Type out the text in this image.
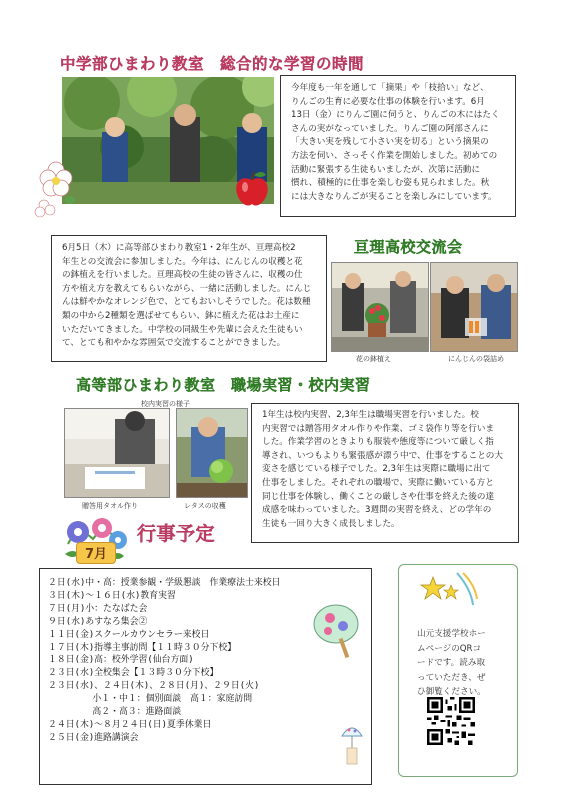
中学部ひまわり教室　総合的な学習の時間
今年度も一年を通して「摘果」や「枝拾い」など、
りんごの生育に必要な仕事の体験を行います。6月
13日（金）にりんご園に伺うと、りんごの木にはたく
さんの実がなっていました。りんご園の阿部さんに
「大きい実を残して小さい実を切る」という摘果の
方法を伺い、さっそく作業を開始しました。初めての
活動に緊張する生徒もいましたが、次第に活動に
慣れ、積極的に仕事を楽しむ姿も見られました。秋
には大きなりんごが実ることを楽しみにしています。
6月5日（木）に高等部ひまわり教室1・2年生が、亘理高校2
年生との交流会に参加しました。今年は、にんじんの収穫と花
の鉢植えを行いました。亘理高校の生徒の皆さんに、収穫の仕
方や植え方を教えてもらいながら、一緒に活動しました。にんじ
んは鮮やかなオレンジ色で、とてもおいしそうでした。花は数種
類の中から2種類を選ばせてもらい、鉢に植えた花はお土産に
いただいてきました。中学校の同級生や先輩に会えた生徒もい
て、とても和やかな雰囲気で交流することができました。
亘理高校交流会
花の鉢植え	にんじんの袋詰め
高等部ひまわり教室　職場実習・校内実習
校内実習の様子
贈答用タオル作り	レタスの収穫
1年生は校内実習、2,3年生は職場実習を行いました。校
内実習では贈答用タオル作りや作業、ゴミ袋作り等を行いま
した。作業学習のときよりも服装や態度等について厳しく指
導され、いつもよりも緊張感が漂う中で、仕事をすることの大
変さを感じている様子でした。2,3年生は実際に職場に出て
仕事をしました。それぞれの職場で、実際に働いている方と
同じ仕事を体験し、働くことの厳しさや仕事を終えた後の達
成感を味わっていました。3週間の実習を終え、どの学年の
生徒も一回り大きく成長しました。
7月
行事予定
２日(水)中・高：授業参観・学級懇談　作業療法士来校日
３日(木)～１６日(水)教育実習
７日(月)小：たなばた会
９日(水)あすなろ集会②
１１日(金)スクールカウンセラー来校日
１７日(木)指導主事訪問【１１時３０分下校】
１８日(金)高：校外学習(仙台方面)
２３日(水)全校集会【１３時３０分下校】
２３日(水)、２４日(木)、２８日(月)、２９日(火)
　　　　　小１・中１：個別面談　高１：家庭訪問
　　　　　高２・高３：進路面談
２４日(木)～８月２４日(日)夏季休業日
２５日(金)進路講演会
山元支援学校ホー
ムページのQRコ
ードです。読み取
っていただき、ぜ
ひ御覧ください。
